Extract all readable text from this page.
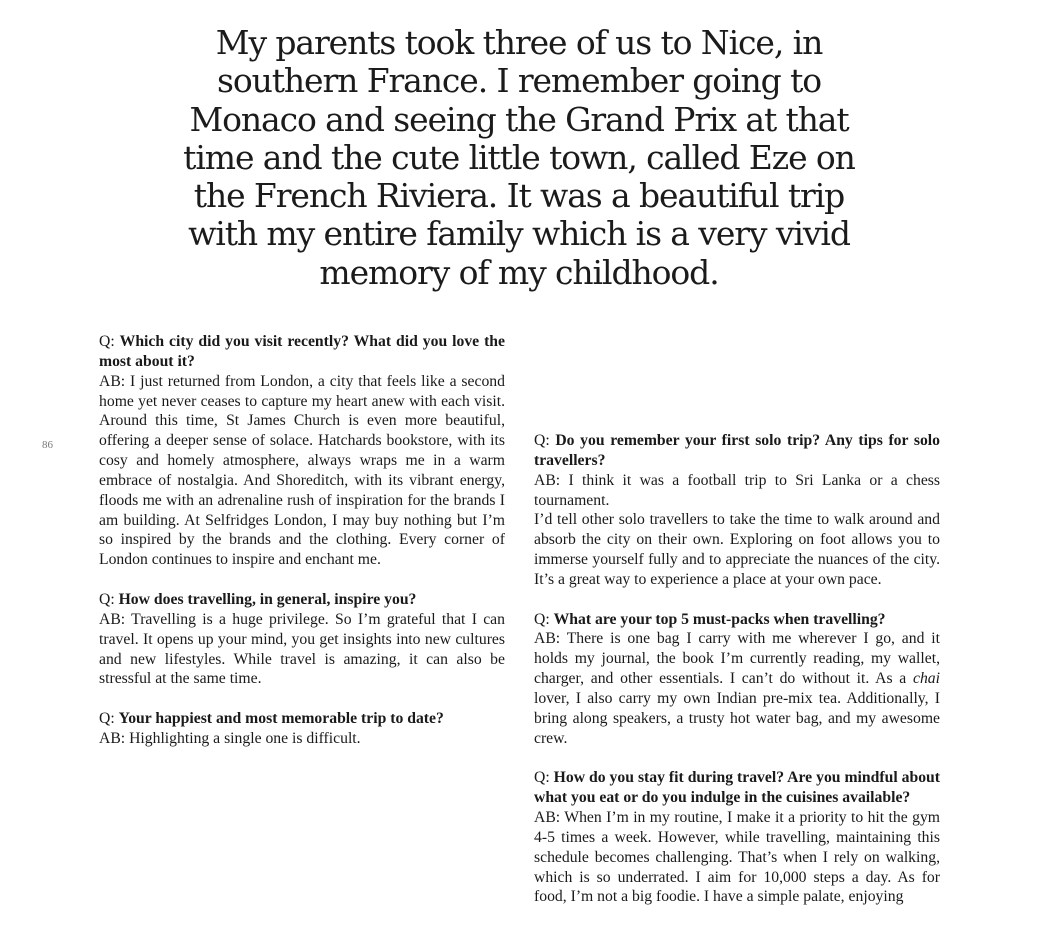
My parents took three of us to Nice, in southern France. I remember going to Monaco and seeing the Grand Prix at that time and the cute little town, called Eze on the French Riviera. It was a beautiful trip with my entire family which is a very vivid memory of my childhood.

86

Q: Which city did you visit recently? What did you love the most about it?

AB: I just returned from London, a city that feels like a second home yet never ceases to capture my heart anew with each visit. Around this time, St James Church is even more beautiful, offering a deeper sense of solace. Hatchards bookstore, with its cosy and homely atmosphere, always wraps me in a warm embrace of nostalgia. And Shoreditch, with its vibrant energy, floods me with an adrenaline rush of inspiration for the brands I am building. At Selfridges London, I may buy nothing but I’m so inspired by the brands and the clothing. Every corner of London continues to inspire and enchant me.

Q: How does travelling, in general, inspire you?

AB: Travelling is a huge privilege. So I’m grateful that I can travel. It opens up your mind, you get insights into new cultures and new lifestyles. While travel is amazing, it can also be stressful at the same time.

Q: Your happiest and most memorable trip to date?

AB: Highlighting a single one is difficult.

Q: Do you remember your first solo trip? Any tips for solo travellers?

AB: I think it was a football trip to Sri Lanka or a chess tournament.

I’d tell other solo travellers to take the time to walk around and absorb the city on their own. Exploring on foot allows you to immerse yourself fully and to appreciate the nuances of the city. It’s a great way to experience a place at your own pace.

Q: What are your top 5 must-packs when travelling?

AB: There is one bag I carry with me wherever I go, and it holds my journal, the book I’m currently reading, my wallet, charger, and other essentials. I can’t do without it. As a chai lover, I also carry my own Indian pre-mix tea. Additionally, I bring along speakers, a trusty hot water bag, and my awesome crew.

Q: How do you stay fit during travel? Are you mindful about what you eat or do you indulge in the cuisines available?

AB: When I’m in my routine, I make it a priority to hit the gym 4-5 times a week. However, while travelling, maintaining this schedule becomes challenging. That’s when I rely on walking, which is so underrated. I aim for 10,000 steps a day. As for food, I’m not a big foodie. I have a simple palate, enjoying
